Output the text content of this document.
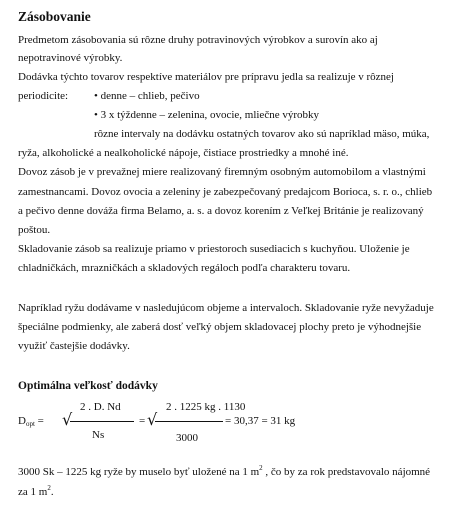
Zásobovanie
Predmetom zásobovania sú rôzne druhy potravinových výrobkov a surovín ako aj
nepotravinové výrobky.
Dodávka týchto tovarov respektíve materiálov pre prípravu jedla sa realizuje v rôznej
periodicite: • denne – chlieb, pečivo
• 3 x týždenne – zelenina, ovocie, mliečne výrobky
rôzne intervaly na dodávku ostatných tovarov ako sú napríklad mäso, múka,
ryža, alkoholické a nealkoholické nápoje, čistiace prostriedky a mnohé iné.
Dovoz zásob je v prevažnej miere realizovaný firemným osobným automobilom a vlastnými
zamestnancami. Dovoz ovocia a zeleniny je zabezpečovaný predajcom Borioca, s. r. o., chlieb
a pečivo denne dováža firma Belamo, a. s. a dovoz korením z Veľkej Británie je realizovaný
poštou.
Skladovanie zásob sa realizuje priamo v priestoroch susediacich s kuchyňou. Uloženie je
chladničkách, mrazničkách a skladových regáloch podľa charakteru tovaru.
Napríklad ryžu dodávame v nasledujúcom objeme a intervaloch. Skladovanie ryže nevyžaduje
špeciálne podmienky, ale zaberá dosť veľký objem skladovacej plochy preto je výhodnejšie
využiť častejšie dodávky.
Optimálna veľkosť dodávky
$D_{opt}$ = √
2 . D. Nd
Ns
= √
2 . 1225 kg . 1130
3000
= 30,37 = 31 kg
3000 Sk – 1225 kg ryže by muselo byť uložené na 1 $m^2$ , čo by za rok predstavovalo nájomné
za 1 $m^2$.
